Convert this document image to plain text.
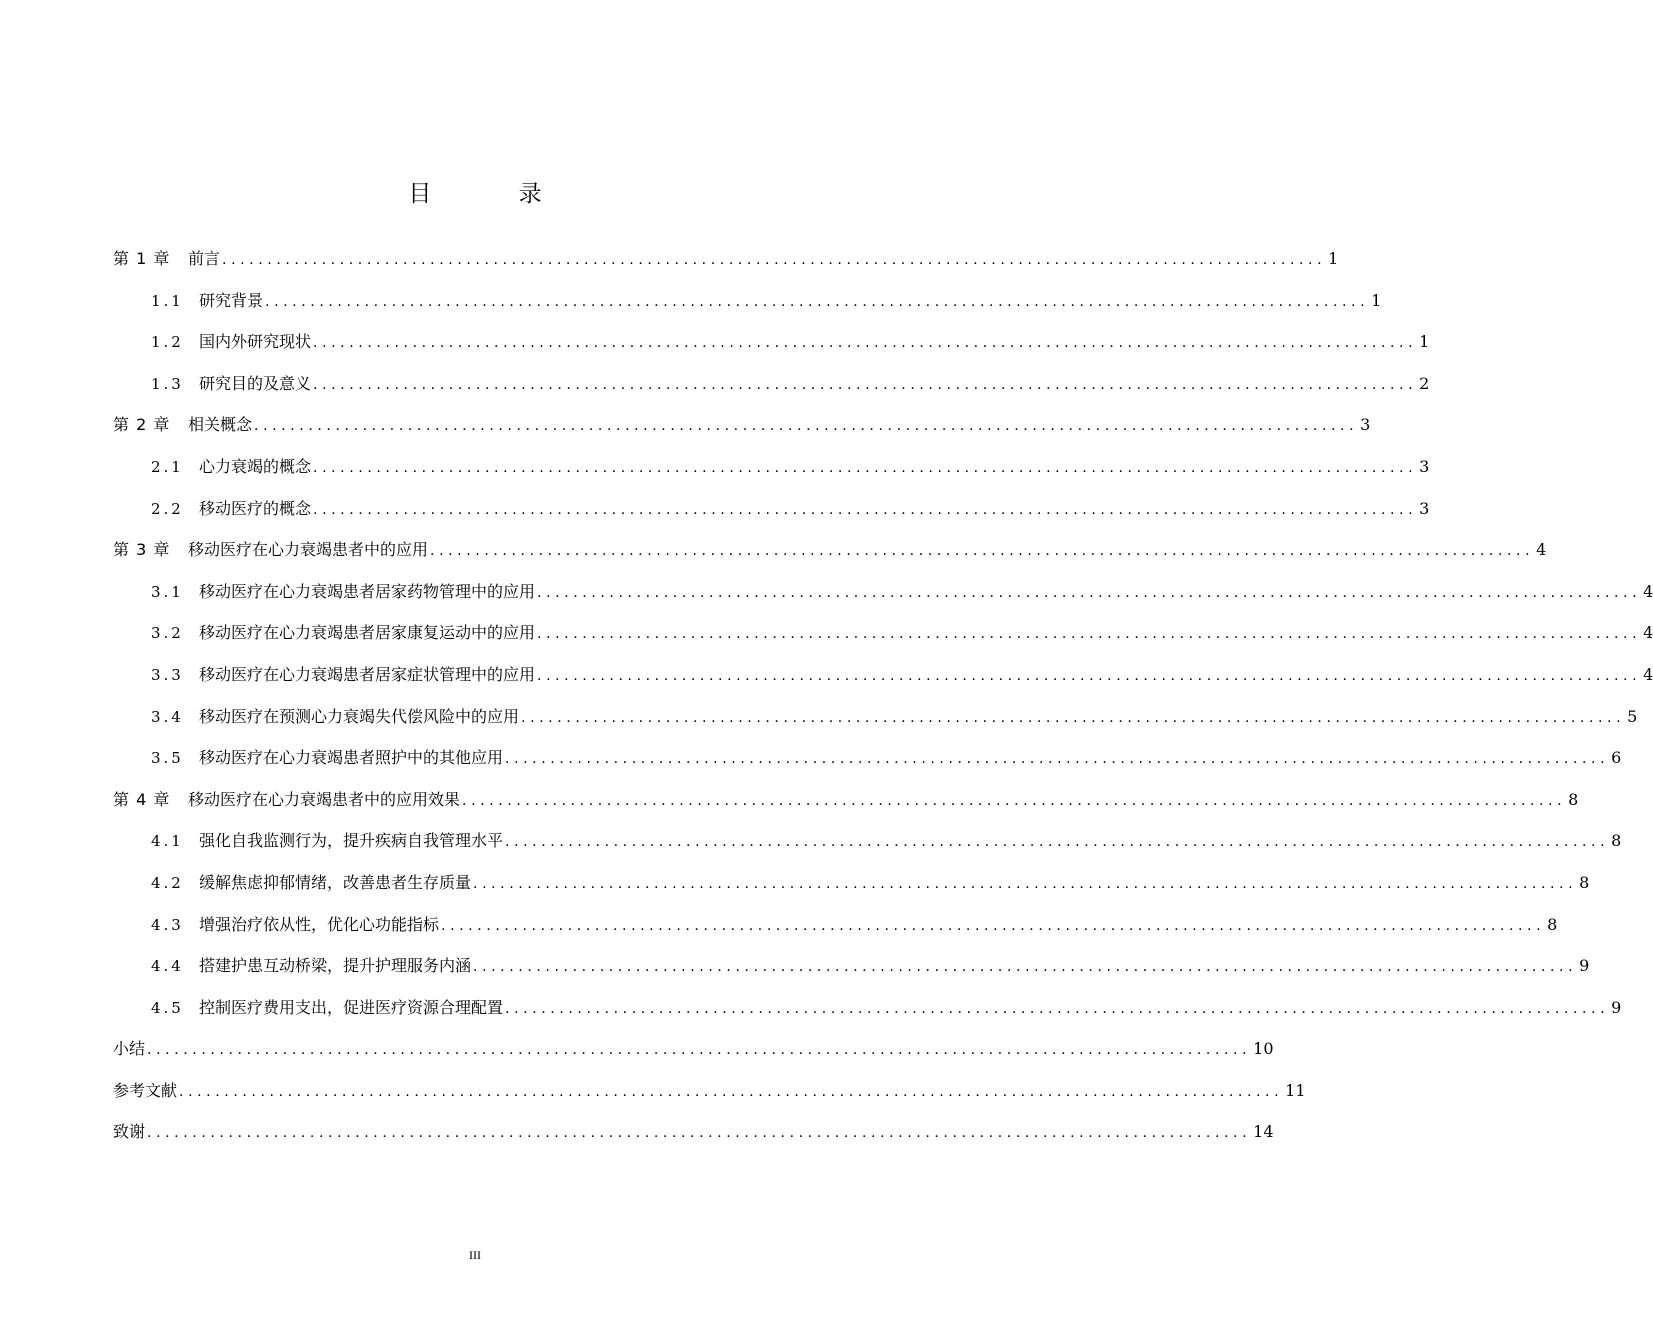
目 录
第 1 章	前言 .......................................................................................................................... 1
1.1 研究背景 .......................................................................................................................... 1
1.2 国内外研究现状 .......................................................................................................................... 1
1.3 研究目的及意义 .......................................................................................................................... 2
第 2 章	相关概念 .......................................................................................................................... 3
2.1 心力衰竭的概念 .......................................................................................................................... 3
2.2 移动医疗的概念 .......................................................................................................................... 3
第 3 章	移动医疗在心力衰竭患者中的应用 .......................................................................................................................... 4
3.1 移动医疗在心力衰竭患者居家药物管理中的应用 .......................................................................................................................... 4
3.2 移动医疗在心力衰竭患者居家康复运动中的应用 .......................................................................................................................... 4
3.3 移动医疗在心力衰竭患者居家症状管理中的应用 .......................................................................................................................... 4
3.4 移动医疗在预测心力衰竭失代偿风险中的应用 .......................................................................................................................... 5
3.5 移动医疗在心力衰竭患者照护中的其他应用 .......................................................................................................................... 6
第 4 章	移动医疗在心力衰竭患者中的应用效果 .......................................................................................................................... 8
4.1 强化自我监测行为，提升疾病自我管理水平 .......................................................................................................................... 8
4.2 缓解焦虑抑郁情绪，改善患者生存质量 .......................................................................................................................... 8
4.3 增强治疗依从性，优化心功能指标 .......................................................................................................................... 8
4.4 搭建护患互动桥梁，提升护理服务内涵 .......................................................................................................................... 9
4.5 控制医疗费用支出，促进医疗资源合理配置 .......................................................................................................................... 9
小结 .......................................................................................................................... 10
参考文献 .......................................................................................................................... 11
致谢 .......................................................................................................................... 14
III
